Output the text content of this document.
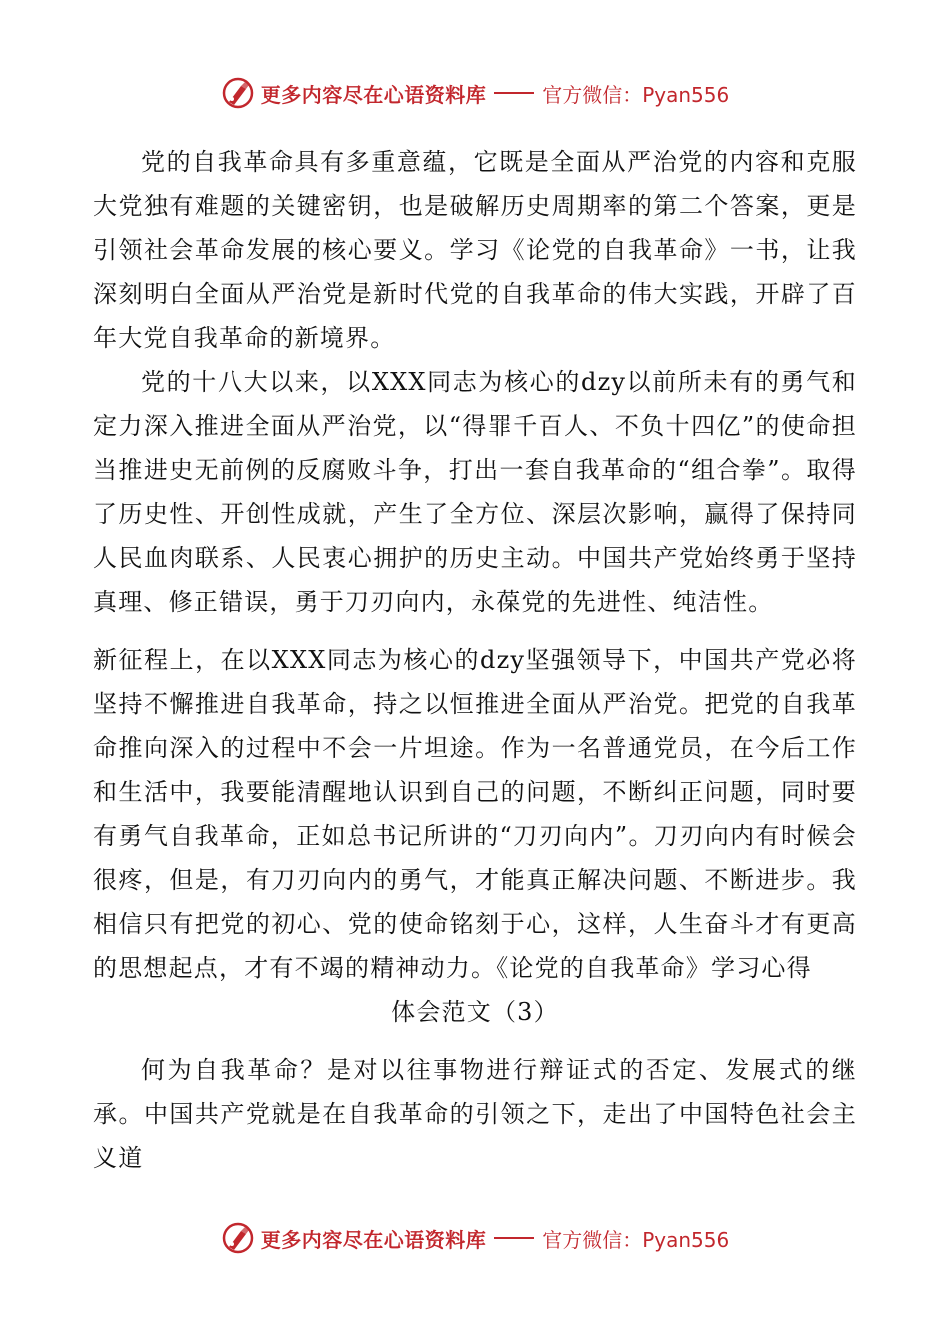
更多内容尽在心语资料库	官方微信：Pyan556

党的自我革命具有多重意蕴，它既是全面从严治党的内容和克服大党独有难题的关键密钥，也是破解历史周期率的第二个答案，更是引领社会革命发展的核心要义。学习《论党的自我革命》一书，让我深刻明白全面从严治党是新时代党的自我革命的伟大实践，开辟了百年大党自我革命的新境界。

党的十八大以来，以XXX同志为核心的dzy以前所未有的勇气和定力深入推进全面从严治党，以“得罪千百人、不负十四亿”的使命担当推进史无前例的反腐败斗争，打出一套自我革命的“组合拳”。取得了历史性、开创性成就，产生了全方位、深层次影响，赢得了保持同人民血肉联系、人民衷心拥护的历史主动。中国共产党始终勇于坚持真理、修正错误，勇于刀刃向内，永葆党的先进性、纯洁性。

新征程上，在以XXX同志为核心的dzy坚强领导下，中国共产党必将坚持不懈推进自我革命，持之以恒推进全面从严治党。把党的自我革命推向深入的过程中不会一片坦途。作为一名普通党员，在今后工作和生活中，我要能清醒地认识到自己的问题，不断纠正问题，同时要有勇气自我革命，正如总书记所讲的“刀刃向内”。刀刃向内有时候会很疼，但是，有刀刃向内的勇气，才能真正解决问题、不断进步。我相信只有把党的初心、党的使命铭刻于心，这样，人生奋斗才有更高的思想起点，才有不竭的精神动力。《论党的自我革命》学习心得

体会范文（3）

何为自我革命？是对以往事物进行辩证式的否定、发展式的继承。中国共产党就是在自我革命的引领之下，走出了中国特色社会主义道

更多内容尽在心语资料库	官方微信：Pyan556
